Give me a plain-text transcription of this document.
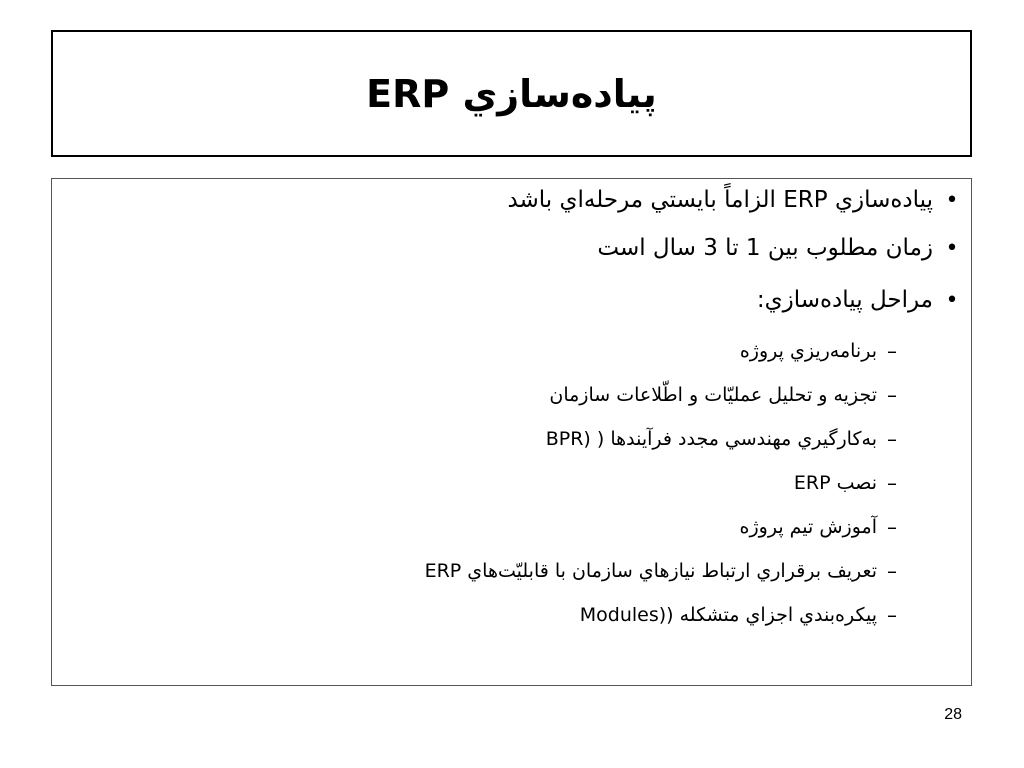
پیاده‌سازي ERP
•
پیاده‌سازي ERP الزاماً بایستي مرحله‌اي باشد
•
زمان مطلوب بین 1 تا 3 سال است
•
مراحل پیاده‌سازي:
–
برنامه‌ریزي پروژه
–
تجزیه و تحلیل عملیّات و اطّلاعات سازمان
–
به‌کارگیري مهندسي مجدد فرآیندها ( (BPR
–
نصب ERP
–
آموزش تیم پروژه
–
تعریف برقراري ارتباط نیازهاي سازمان با قابلیّت‌هاي ERP
–
پیکره‌بندي اجزاي متشکله ((Modules
28
